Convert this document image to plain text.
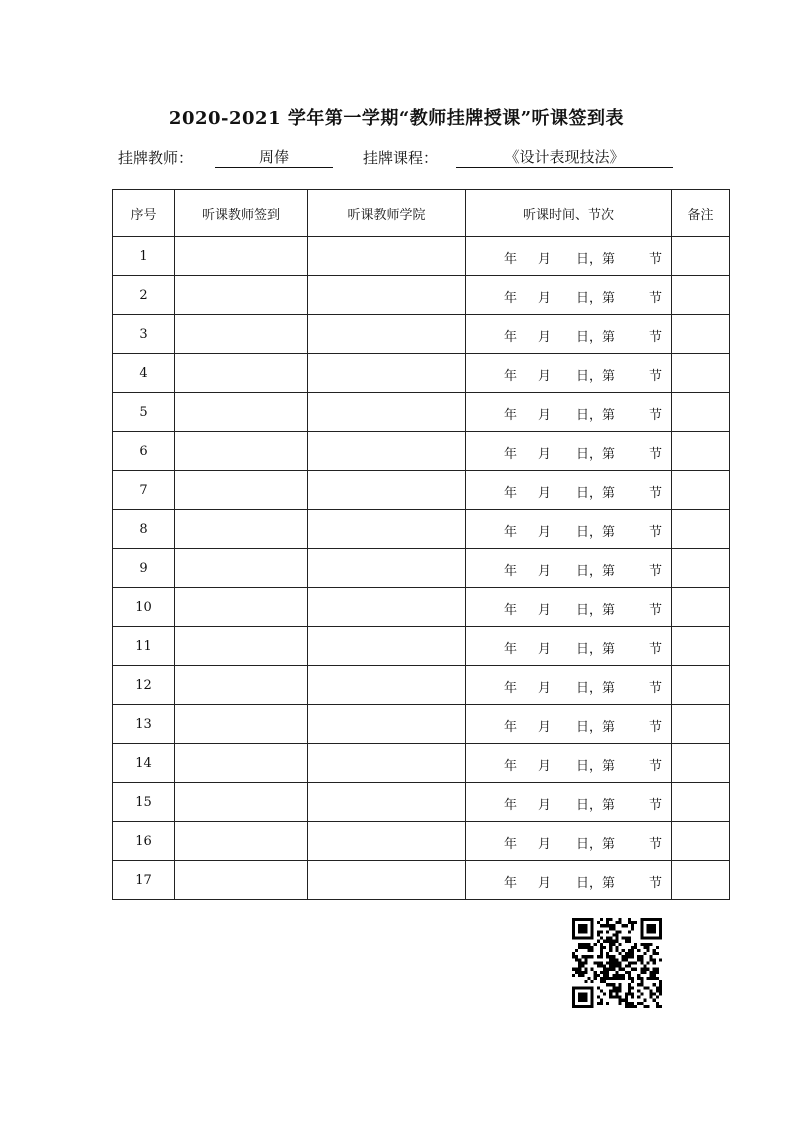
2020-2021 学年第一学期“教师挂牌授课”听课签到表
挂牌教师：	周俸	挂牌课程：	《设计表现技法》
序号	听课教师签到	听课教师学院	听课时间、节次	备注
1			年 月 日，第 节	

2			年 月 日，第 节	

3			年 月 日，第 节	

4			年 月 日，第 节	

5			年 月 日，第 节	

6			年 月 日，第 节	

7			年 月 日，第 节	

8			年 月 日，第 节	

9			年 月 日，第 节	

10			年 月 日，第 节	

11			年 月 日，第 节	

12			年 月 日，第 节	

13			年 月 日，第 节	

14			年 月 日，第 节	

15			年 月 日，第 节	

16			年 月 日，第 节	

17			年 月 日，第 节	
